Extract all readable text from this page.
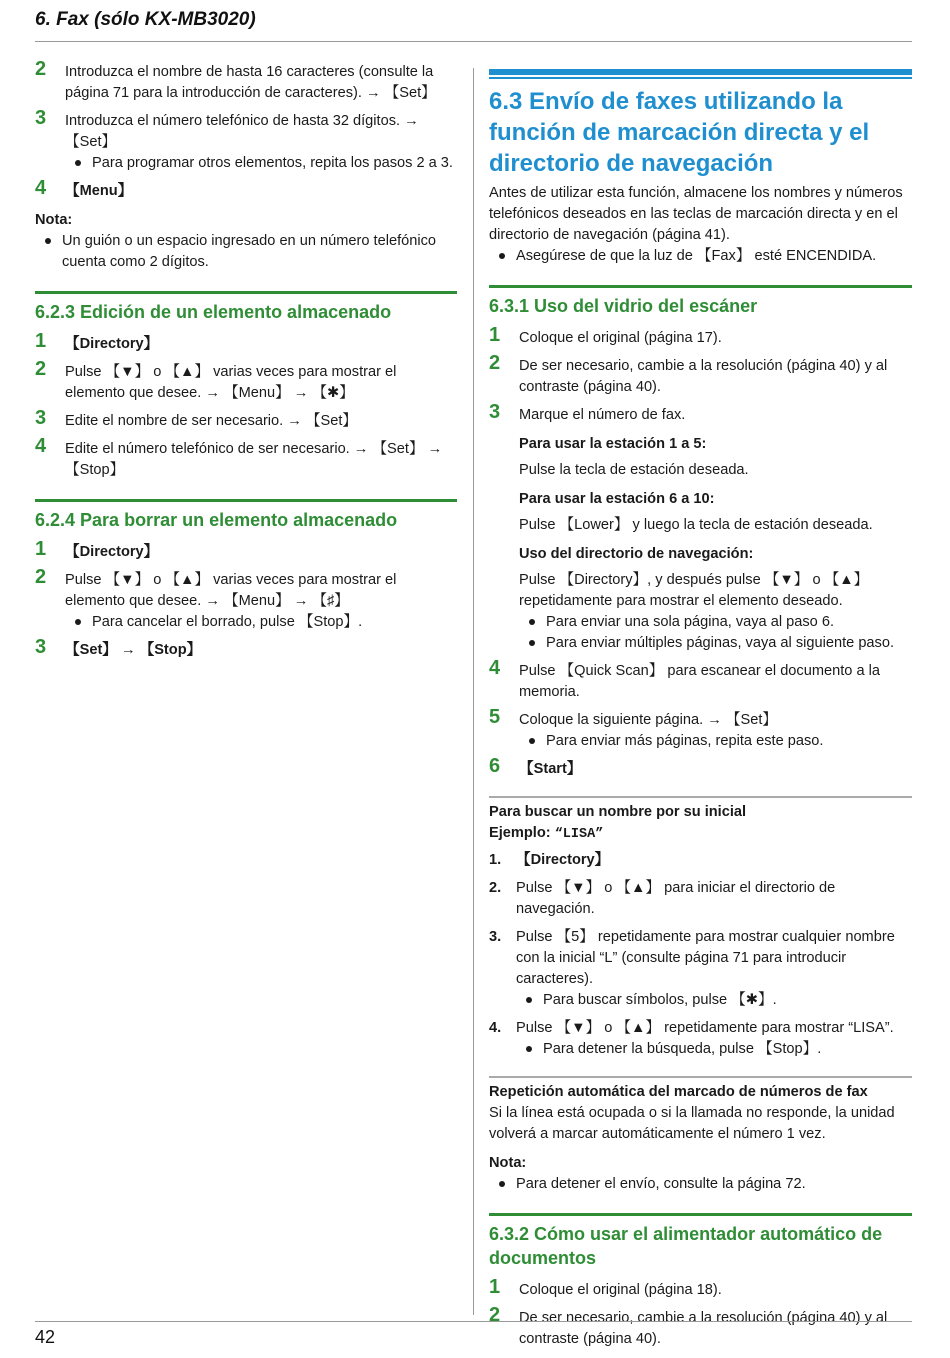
6. Fax (sólo KX-MB3020)
2 Introduzca el nombre de hasta 16 caracteres (consulte la página 71 para la introducción de caracteres). → 【Set】

3 Introduzca el número telefónico de hasta 32 dígitos. → 【Set】

Para programar otros elementos, repita los pasos 2 a 3.
4 【Menu】

Nota:
Un guión o un espacio ingresado en un número telefónico cuenta como 2 dígitos.
6.2.3 Edición de un elemento almacenado
1 【Directory】

2 Pulse 【▼】 o 【▲】 varias veces para mostrar el elemento que desee. → 【Menu】 → 【✱】

3 Edite el nombre de ser necesario. → 【Set】

4 Edite el número telefónico de ser necesario. → 【Set】 → 【Stop】

6.2.4 Para borrar un elemento almacenado
1 【Directory】

2 Pulse 【▼】 o 【▲】 varias veces para mostrar el elemento que desee. → 【Menu】 → 【♯】

Para cancelar el borrado, pulse 【Stop】.
3 【Set】 → 【Stop】

6.3 Envío de faxes utilizando la función de marcación directa y el directorio de navegación

Antes de utilizar esta función, almacene los nombres y números telefónicos deseados en las teclas de marcación directa y en el directorio de navegación (página 41).

Asegúrese de que la luz de 【Fax】 esté ENCENDIDA.
6.3.1 Uso del vidrio del escáner
1 Coloque el original (página 17).

2 De ser necesario, cambie a la resolución (página 40) y al contraste (página 40).

3 Marque el número de fax.

Para usar la estación 1 a 5:

Pulse la tecla de estación deseada.

Para usar la estación 6 a 10:

Pulse 【Lower】 y luego la tecla de estación deseada.

Uso del directorio de navegación:

Pulse 【Directory】, y después pulse 【▼】 o 【▲】 repetidamente para mostrar el elemento deseado.

Para enviar una sola página, vaya al paso 6.
Para enviar múltiples páginas, vaya al siguiente paso.
4 Pulse 【Quick Scan】 para escanear el documento a la memoria.

5 Coloque la siguiente página. → 【Set】

Para enviar más páginas, repita este paso.
6 【Start】

Para buscar un nombre por su inicial
Ejemplo: “LISA”
1. 【Directory】

2. Pulse 【▼】 o 【▲】 para iniciar el directorio de navegación.

3. Pulse 【5】 repetidamente para mostrar cualquier nombre con la inicial “L” (consulte página 71 para introducir caracteres).

Para buscar símbolos, pulse 【✱】.
4. Pulse 【▼】 o 【▲】 repetidamente para mostrar “LISA”.

Para detener la búsqueda, pulse 【Stop】.
Repetición automática del marcado de números de fax

Si la línea está ocupada o si la llamada no responde, la unidad volverá a marcar automáticamente el número 1 vez.

Nota:
Para detener el envío, consulte la página 72.
6.3.2 Cómo usar el alimentador automático de documentos
1 Coloque el original (página 18).

2 De ser necesario, cambie a la resolución (página 40) y al contraste (página 40).

42
